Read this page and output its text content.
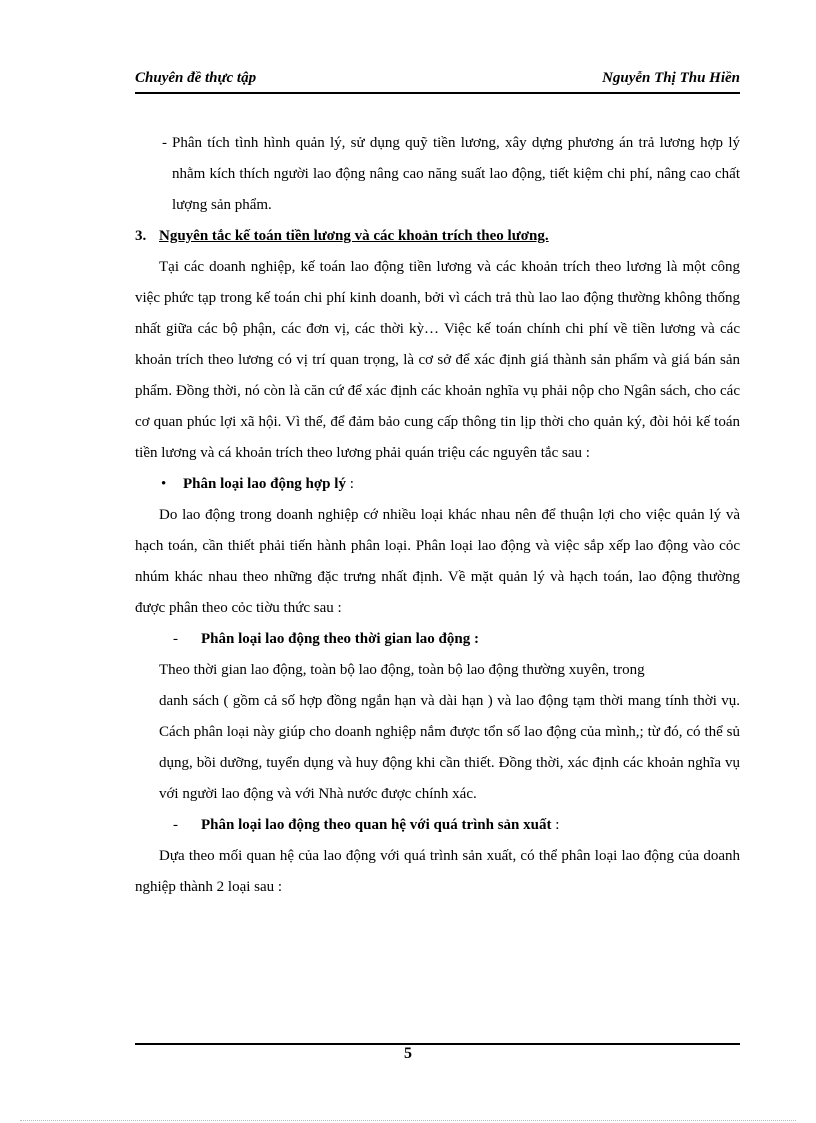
Chuyên đề thực tập	Nguyễn Thị Thu Hiền
- Phân tích tình hình quản lý, sử dụng quỹ tiền lương, xây dựng phương án trả lương hợp lý nhằm kích thích người lao động nâng cao năng suất lao động, tiết kiệm chi phí, nâng cao chất lượng sản phẩm.
3. Nguyên tắc kế toán tiền lương và các khoản trích theo lương.

Tại các doanh nghiệp, kế toán lao động tiền lương và các khoản trích theo lương là một công việc phức tạp trong kế toán chi phí kinh doanh, bởi vì cách trả thù lao lao động thường không thống nhất giữa các bộ phận, các đơn vị, các thời kỳ… Việc kế toán chính chi phí về tiền lương và các khoản trích theo lương có vị trí quan trọng, là cơ sở để xác định giá thành sản phẩm và giá bán sản phẩm. Đồng thời, nó còn là căn cứ để xác định các khoản nghĩa vụ phải nộp cho Ngân sách, cho các cơ quan phúc lợi xã hội. Vì thế, để đảm bảo cung cấp thông tin lịp thời cho quản ký, đòi hỏi kế toán tiền lương và cá khoản trích theo lương phải quán triệu các nguyên tắc sau :

•	Phân loại lao động hợp lý :

Do lao động trong doanh nghiệp cớ nhiều loại khác nhau nên để thuận lợi cho việc quản lý và hạch toán, cần thiết phải tiến hành phân loại. Phân loại lao động và việc sắp xếp lao động vào cỏc nhúm khác nhau theo những đặc trưng nhất định. Về mặt quản lý và hạch toán, lao động thường được phân theo cỏc tiờu thức sau :

-	Phân loại lao động theo thời gian lao động :

Theo thời gian lao động, toàn bộ lao động, toàn bộ lao động thường xuyên, trong

danh sách ( gồm cả số hợp đồng ngắn hạn và dài hạn ) và lao động tạm thời mang tính thời vụ. Cách phân loại này giúp cho doanh nghiệp nắm được tổn số lao động của mình,; từ đó, có thể sủ dụng, bồi dưỡng, tuyển dụng và huy động khi cần thiết. Đồng thời, xác định các khoản nghĩa vụ với người lao động và với Nhà nước được chính xác.

-	Phân loại lao động theo quan hệ với quá trình sản xuất :

Dựa theo mối quan hệ của lao động với quá trình sản xuất, có thể phân loại lao động của doanh nghiệp thành 2 loại sau :

5
